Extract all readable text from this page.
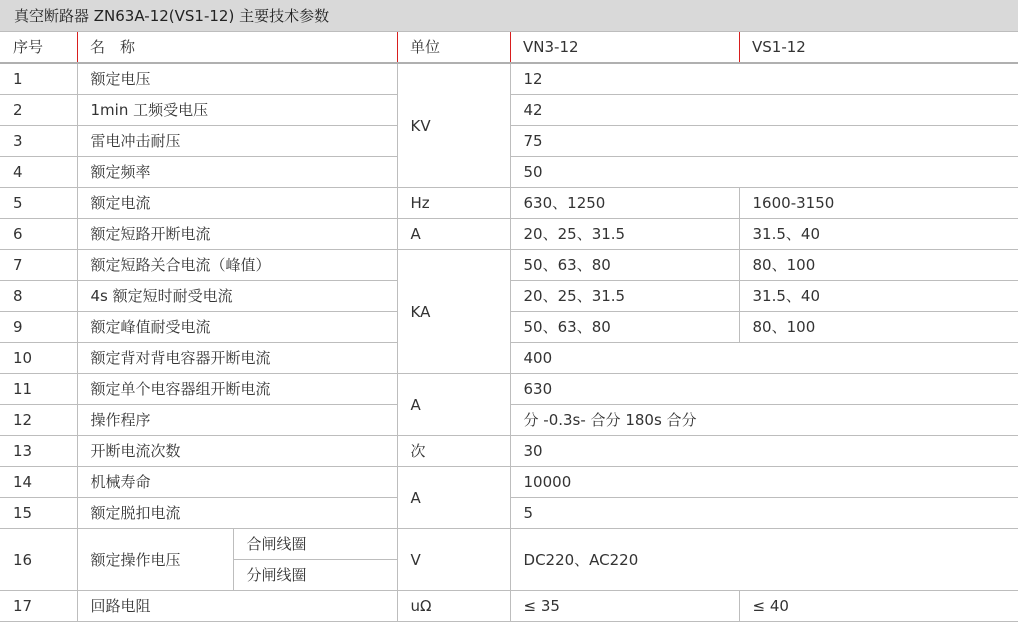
真空断路器 ZN63A-12(VS1-12) 主要技术参数
序号	名　称		单位	VN3-12	VS1-12

1	额定电压		KV	12	
2	1min 工频受电压			42	
3	雷电冲击耐压			75	
4	额定频率			50	
5	额定电流		Hz	630、1250	1600-3150
6	额定短路开断电流		A	20、25、31.5	31.5、40
7	额定短路关合电流（峰值）		KA	50、63、80	80、100
8	4s 额定短时耐受电流			20、25、31.5	31.5、40
9	额定峰值耐受电流			50、63、80	80、100
10	额定背对背电容器开断电流			400	
11	额定单个电容器组开断电流		A	630	
12	操作程序			分 -0.3s- 合分 180s 合分	
13	开断电流次数		次	30	
14	机械寿命		A	10000	
15	额定脱扣电流			5	
16	额定操作电压	合闸线圈	V	DC220、AC220	
		分闸线圈			
17	回路电阻		uΩ	≤ 35	≤ 40
